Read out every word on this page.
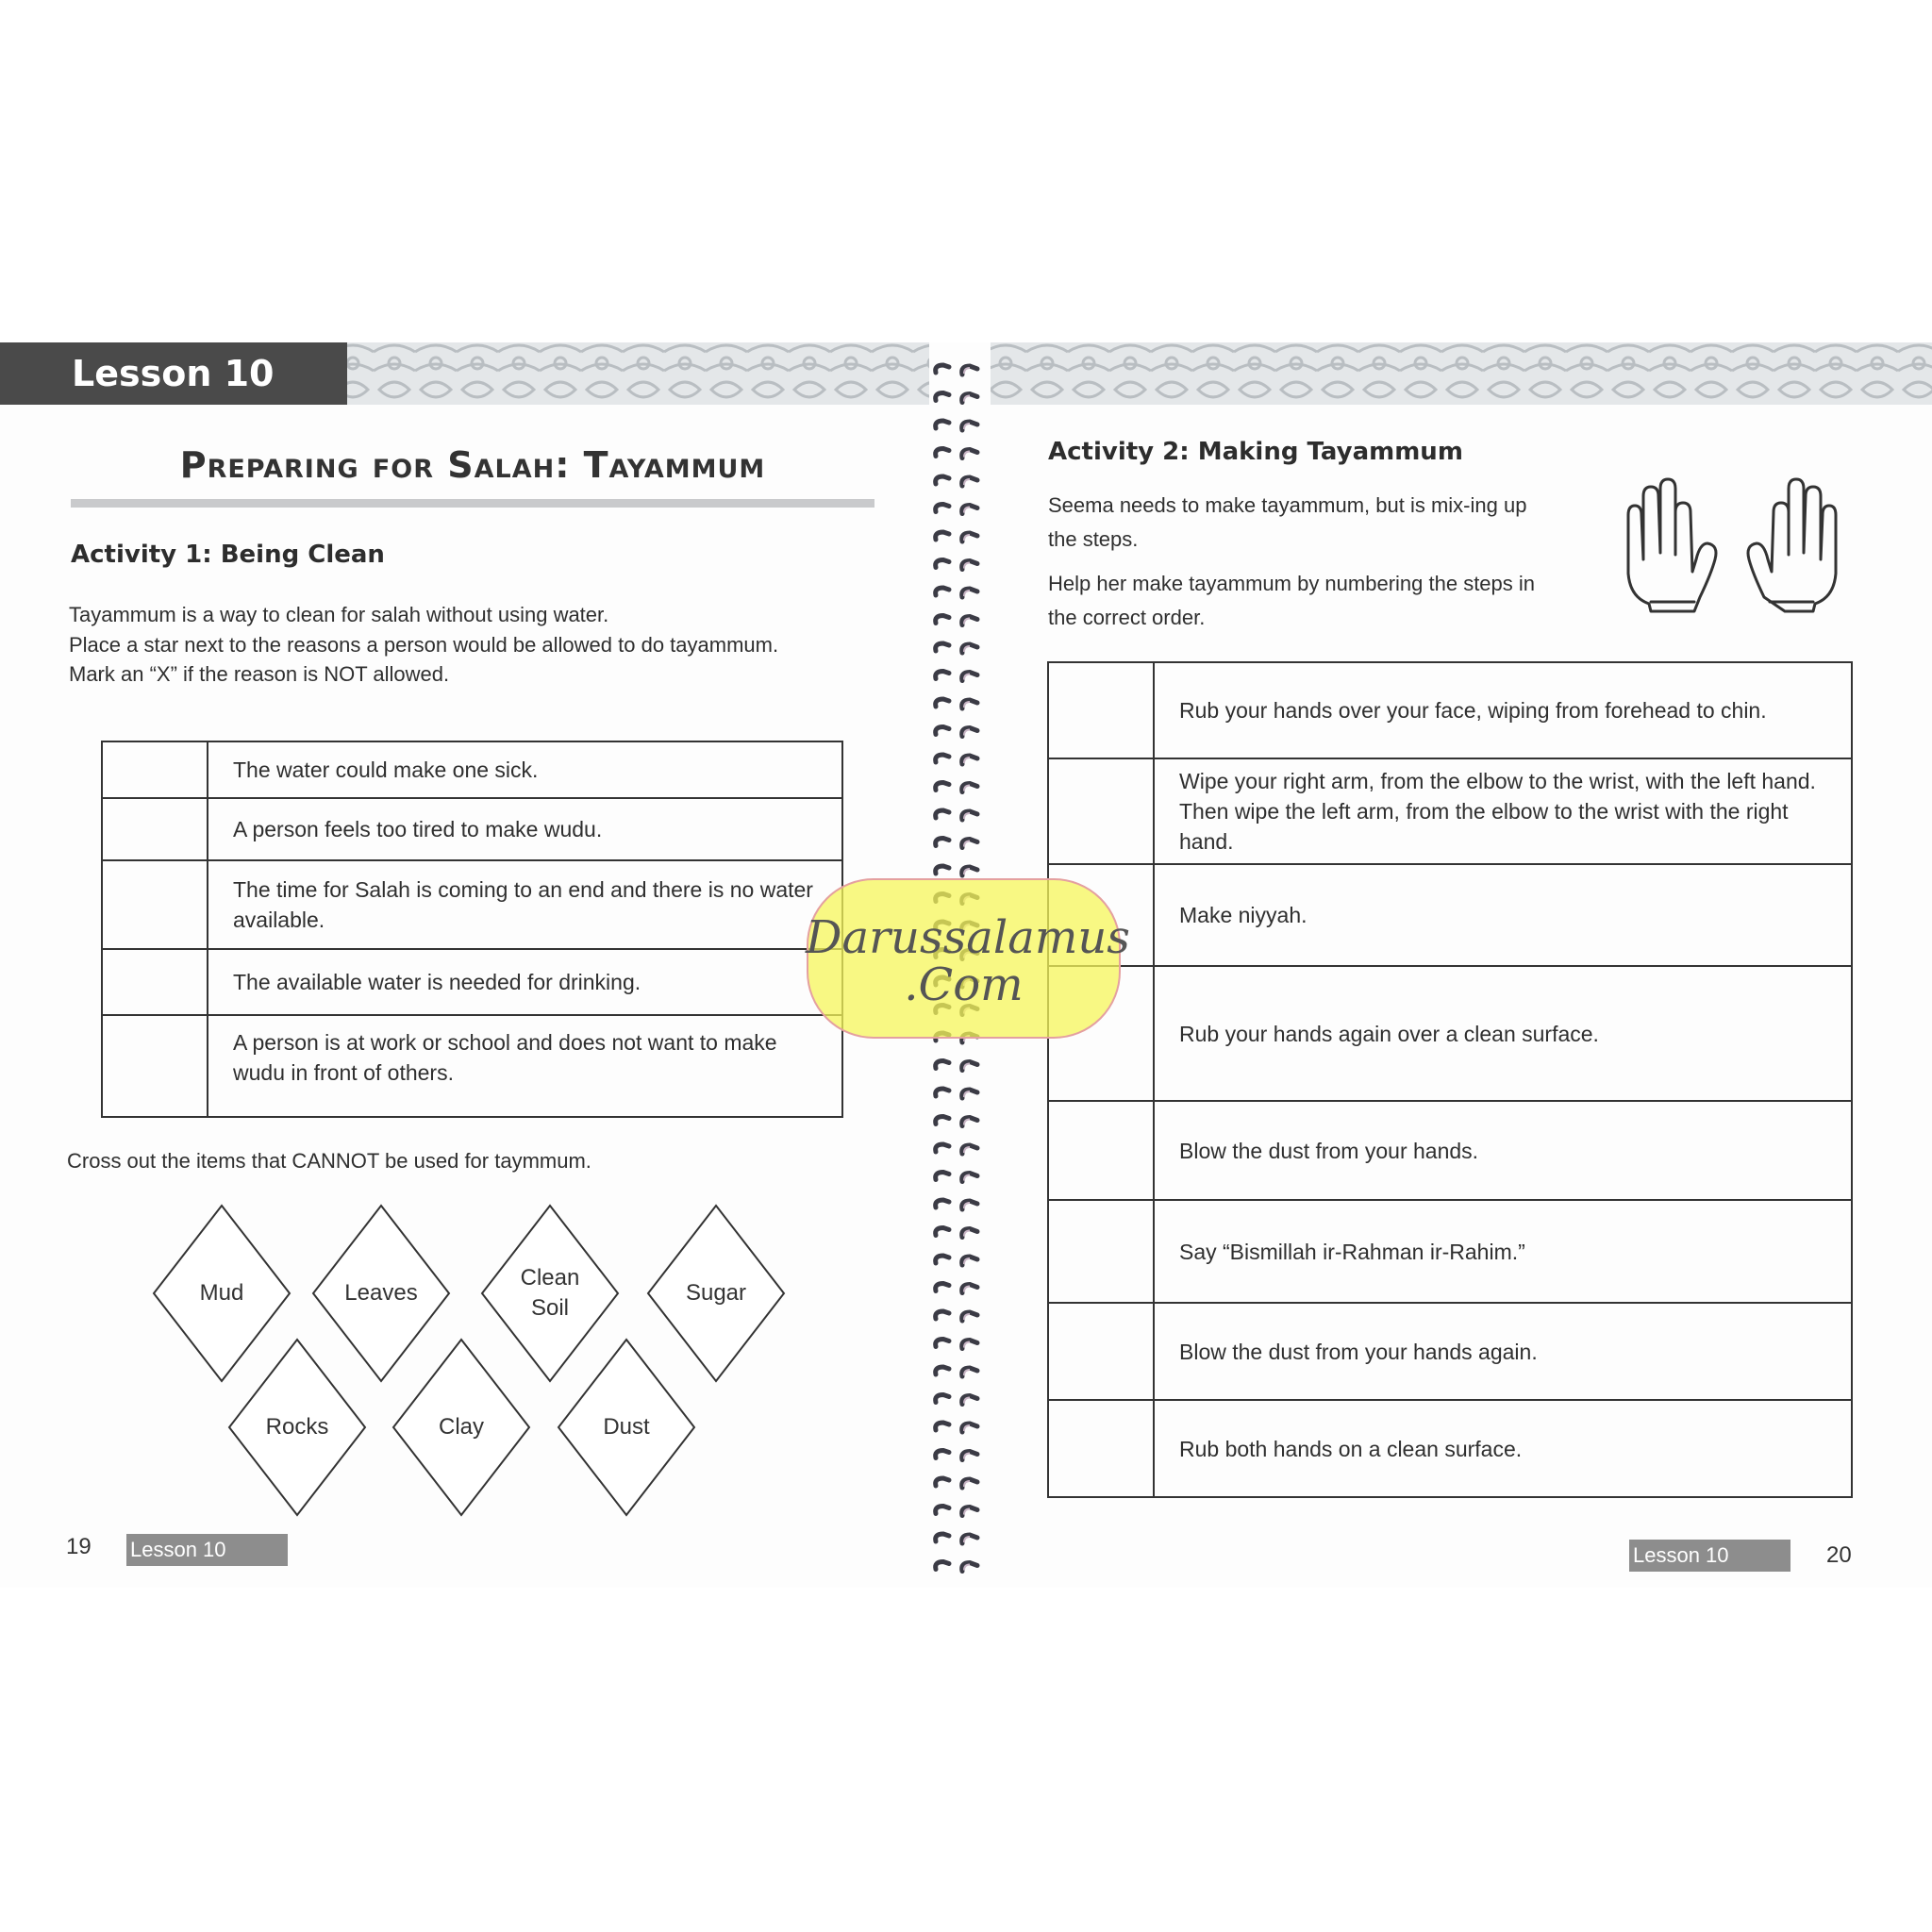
Lesson 10
Preparing for Salah: Tayammum
Activity 1: Being Clean
Tayammum is a way to clean for salah without using water.
Place a star next to the reasons a person would be allowed to do tayammum.
Mark an “X” if the reason is NOT allowed.
	The water could make one sick.
	A person feels too tired to make wudu.
	The time for Salah is coming to an end and there is no water available.
	The available water is needed for drinking.
	A person is at work or school and does not want to make wudu in front of others.
Cross out the items that CANNOT be used for taymmum.
Mud	Leaves
Clean
Soil
Sugar
Rocks	Clay	Dust
19 Lesson 10
Activity 2: Making Tayammum
Seema needs to make tayammum, but is mix-ing up the steps.
Help her make tayammum by numbering the steps in the correct order.
	Rub your hands over your face, wiping from forehead to chin.
	Wipe your right arm, from the elbow to the wrist, with the left hand. Then wipe the left arm, from the elbow to the wrist with the right hand.
	Make niyyah.
	Rub your hands again over a clean surface.
	Blow the dust from your hands.
	Say “Bismillah ir-Rahman ir-Rahim.”
	Blow the dust from your hands again.
	Rub both hands on a clean surface.
Lesson 10	20
Darussalamus
.Com
